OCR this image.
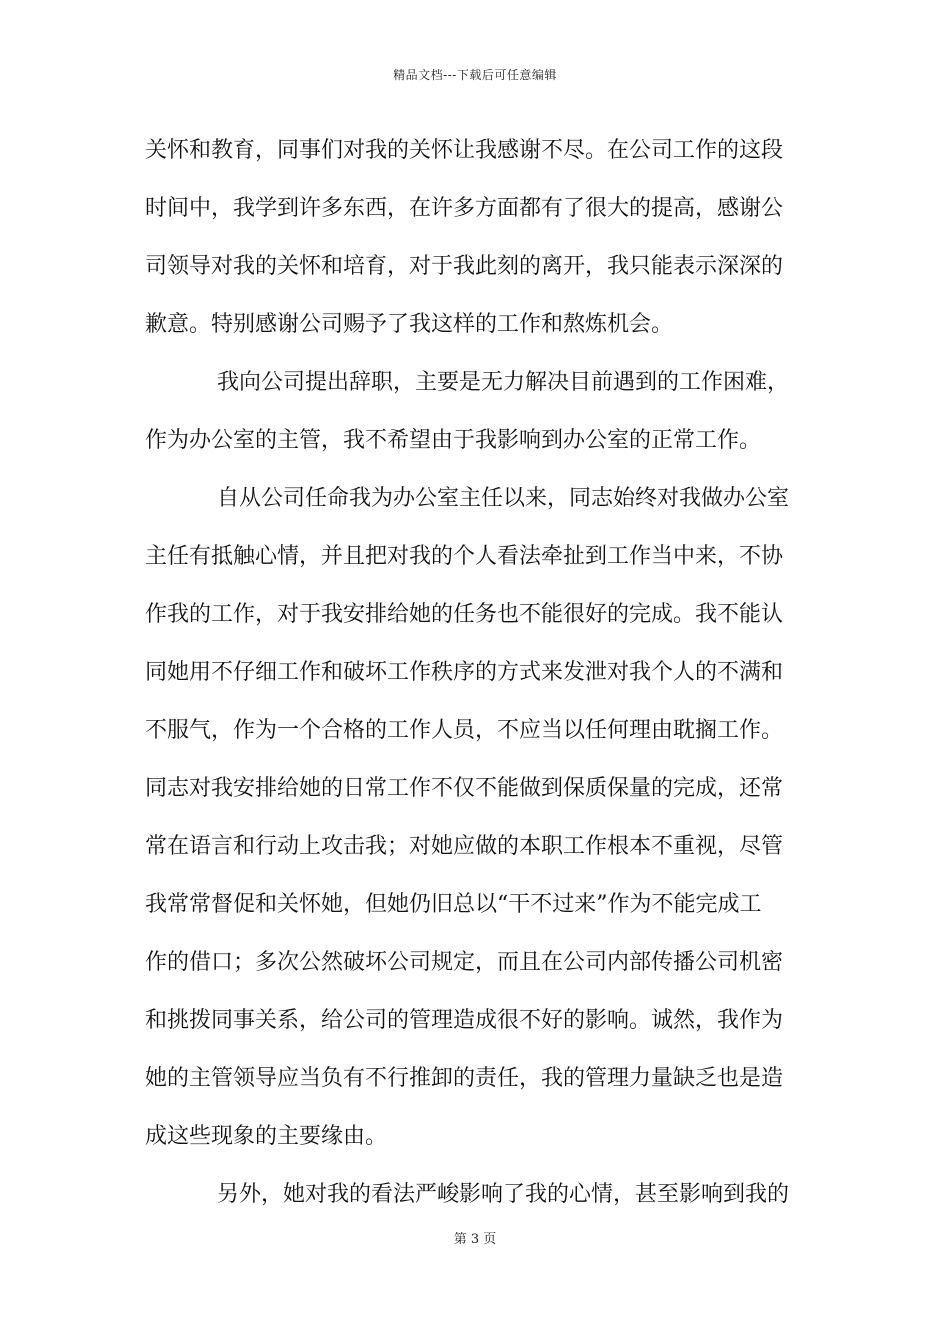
精品文档---下载后可任意编辑
关怀和教育，同事们对我的关怀让我感谢不尽。在公司工作的这段
时间中，我学到许多东西，在许多方面都有了很大的提高，感谢公
司领导对我的关怀和培育，对于我此刻的离开，我只能表示深深的
歉意。特别感谢公司赐予了我这样的工作和熬炼机会。
我向公司提出辞职，主要是无力解决目前遇到的工作困难，
作为办公室的主管，我不希望由于我影响到办公室的正常工作。
自从公司任命我为办公室主任以来，同志始终对我做办公室
主任有抵触心情，并且把对我的个人看法牵扯到工作当中来，不协
作我的工作，对于我安排给她的任务也不能很好的完成。我不能认
同她用不仔细工作和破坏工作秩序的方式来发泄对我个人的不满和
不服气，作为一个合格的工作人员，不应当以任何理由耽搁工作。
同志对我安排给她的日常工作不仅不能做到保质保量的完成，还常
常在语言和行动上攻击我；对她应做的本职工作根本不重视，尽管
我常常督促和关怀她，但她仍旧总以“干不过来”作为不能完成工
作的借口；多次公然破坏公司规定，而且在公司内部传播公司机密
和挑拨同事关系，给公司的管理造成很不好的影响。诚然，我作为
她的主管领导应当负有不行推卸的责任，我的管理力量缺乏也是造
成这些现象的主要缘由。
另外，她对我的看法严峻影响了我的心情，甚至影响到我的
第 3 页
